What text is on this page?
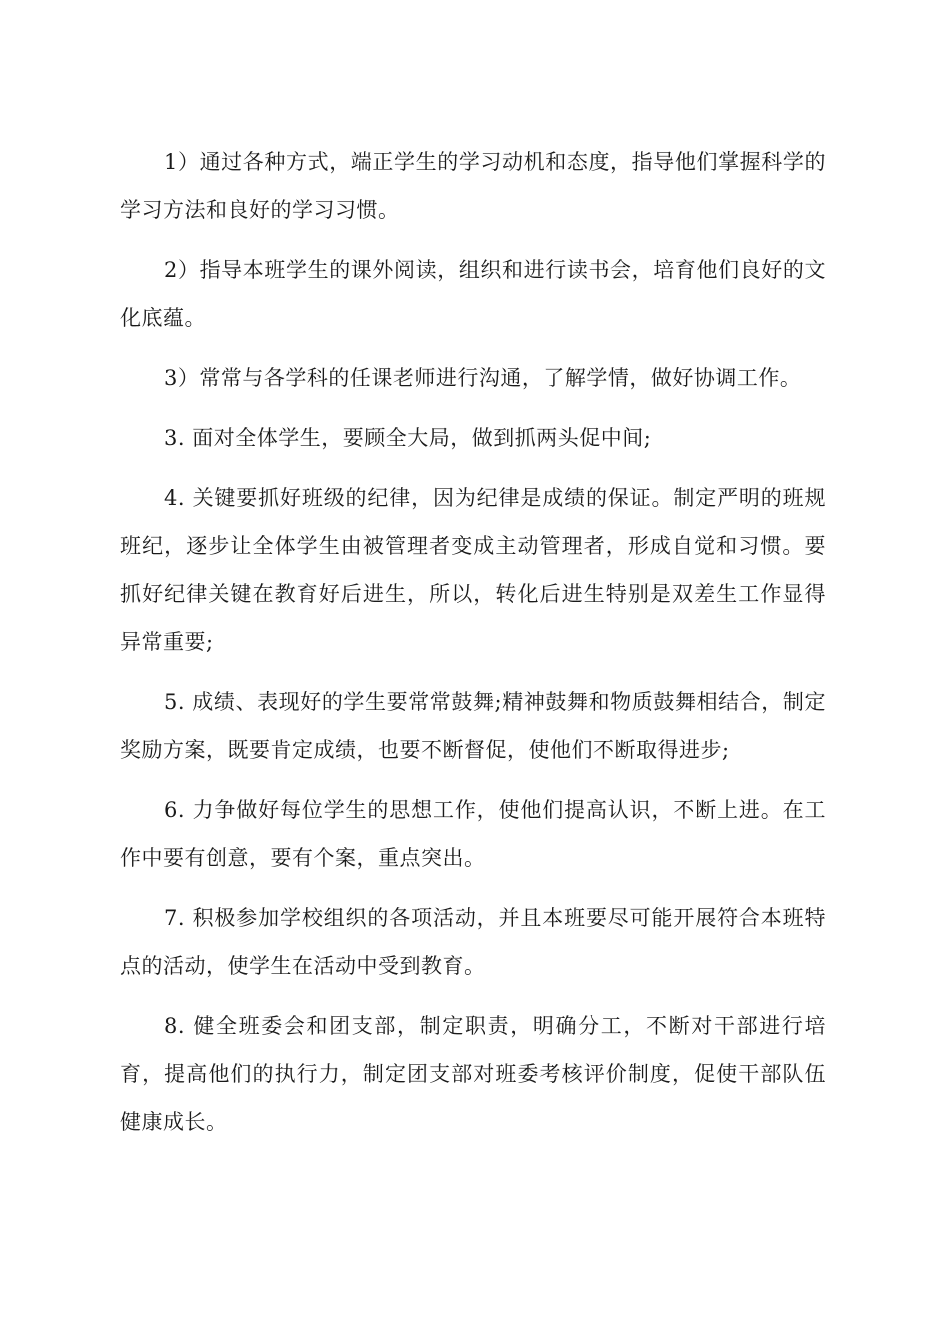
1）通过各种方式，端正学生的学习动机和态度，指导他们掌握科学的学习方法和良好的学习习惯。

2）指导本班学生的课外阅读，组织和进行读书会，培育他们良好的文化底蕴。

3）常常与各学科的任课老师进行沟通，了解学情，做好协调工作。

3. 面对全体学生，要顾全大局，做到抓两头促中间;

4. 关键要抓好班级的纪律，因为纪律是成绩的保证。制定严明的班规班纪，逐步让全体学生由被管理者变成主动管理者，形成自觉和习惯。要抓好纪律关键在教育好后进生，所以，转化后进生特别是双差生工作显得异常重要;

5. 成绩、表现好的学生要常常鼓舞;精神鼓舞和物质鼓舞相结合，制定奖励方案，既要肯定成绩，也要不断督促，使他们不断取得进步;

6. 力争做好每位学生的思想工作，使他们提高认识，不断上进。在工作中要有创意，要有个案，重点突出。

7. 积极参加学校组织的各项活动，并且本班要尽可能开展符合本班特点的活动，使学生在活动中受到教育。

8. 健全班委会和团支部，制定职责，明确分工，不断对干部进行培育，提高他们的执行力，制定团支部对班委考核评价制度，促使干部队伍健康成长。
